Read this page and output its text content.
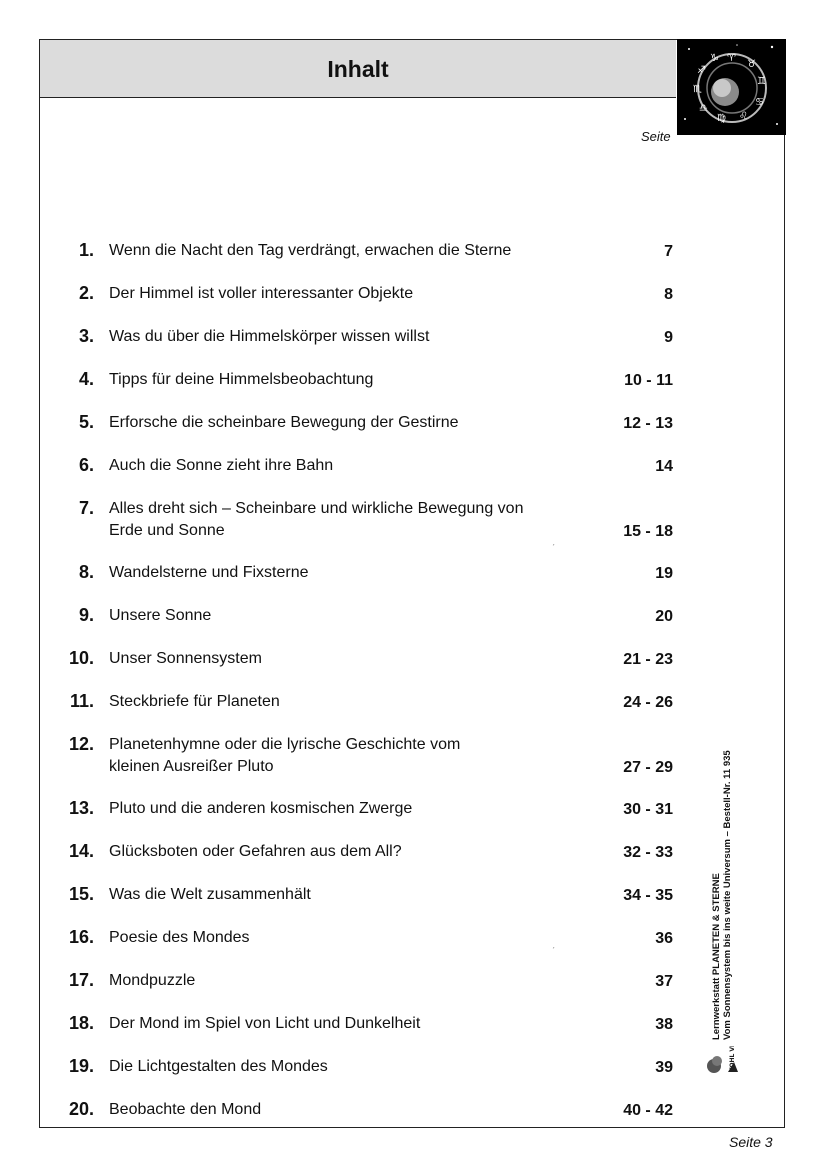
Inhalt	♈
♉
♊
♋
♌
♍
♎
♏
♐
♑
Seite
1. Wenn die Nacht den Tag verdrängt, erwachen die Sterne	7
2. Der Himmel ist voller interessanter Objekte	8
3. Was du über die Himmelskörper wissen willst	9
4. Tipps für deine Himmelsbeobachtung	10 - 11
5. Erforsche die scheinbare Bewegung der Gestirne	12 - 13
6. Auch die Sonne zieht ihre Bahn	14
7. Alles dreht sich – Scheinbare und wirkliche Bewegung von
Erde und Sonne	15 - 18
8. Wandelsterne und Fixsterne	19
9. Unsere Sonne	20
10. Unser Sonnensystem	21 - 23
11. Steckbriefe für Planeten	24 - 26
12. Planetenhymne oder die lyrische Geschichte vom
kleinen Ausreißer Pluto	27 - 29
13. Pluto und die anderen kosmischen Zwerge	30 - 31
14. Glücksboten oder Gefahren aus dem All?	32 - 33
15. Was die Welt zusammenhält	34 - 35
16. Poesie des Mondes	36
17. Mondpuzzle	37
18. Der Mond im Spiel von Licht und Dunkelheit	38
19. Die Lichtgestalten des Mondes	39
20. Beobachte den Mond	40 - 42
ˊ
ˊ	Lernwerkstatt PLANETEN & STERNE Vom Sonnensystem bis ins weite Universum – Bestell-Nr. 11 935
KOHL VERLAG
Seite 3
